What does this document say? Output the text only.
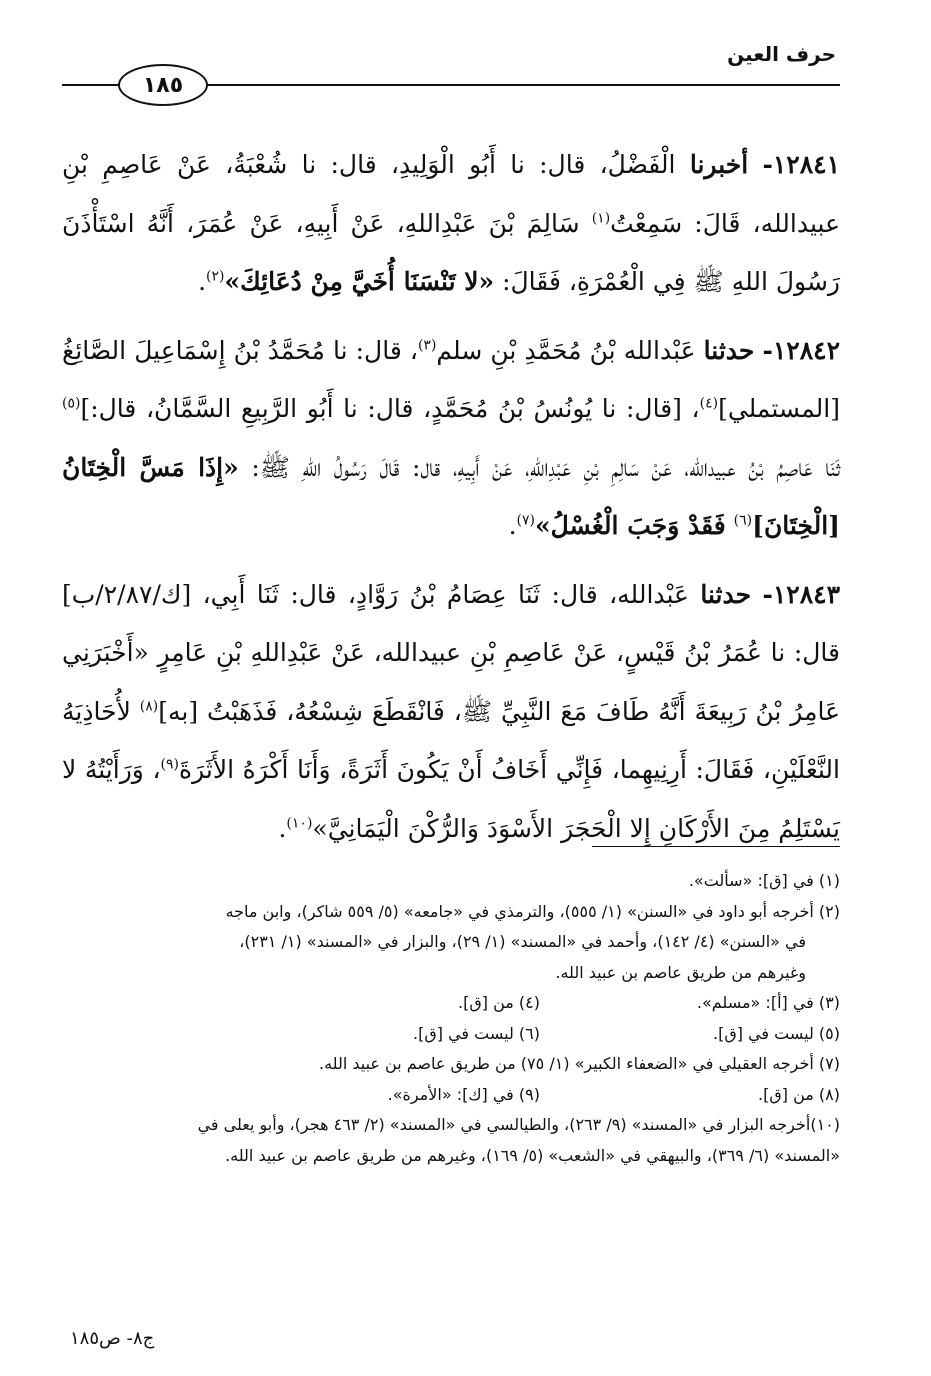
حرف العين
١٨٥

١٢٨٤١- أخبرنا الْفَضْلُ، قال: نا أَبُو الْوَلِيدِ، قال: نا شُعْبَةُ، عَنْ عَاصِمِ بْنِ عبيدالله، قَالَ: سَمِعْتُ$^{(١)}$ سَالِمَ بْنَ عَبْدِاللهِ، عَنْ أَبِيهِ، عَنْ عُمَرَ، أَنَّهُ اسْتَأْذَنَ رَسُولَ اللهِ ﷺ فِي الْعُمْرَةِ، فَقَالَ: «لا تَنْسَنَا أُخَيَّ مِنْ دُعَائِكَ»$^{(٢)}$.

١٢٨٤٢- حدثنا عَبْدالله بْنُ مُحَمَّدِ بْنِ سلم$^{(٣)}$، قال: نا مُحَمَّدُ بْنُ إِسْمَاعِيلَ الصَّائِغُ [المستملي]$^{(٤)}$، [قال: نا يُونُسُ بْنُ مُحَمَّدٍ، قال: نا أَبُو الرَّبِيعِ السَّمَّانُ، قال:]$^{(٥)}$ ثَنَا عَاصِمُ بْنُ عبيدالله، عَنْ سَالِمِ بْنِ عَبْدِاللهِ، عَنْ أَبِيهِ، قال: قَالَ رَسُولُ اللهِ ﷺ: «إِذَا مَسَّ الْخِتَانُ [الْخِتَانَ]$^{(٦)}$ فَقَدْ وَجَبَ الْغُسْلُ»$^{(٧)}$.

١٢٨٤٣- حدثنا عَبْدالله، قال: ثَنَا عِصَامُ بْنُ رَوَّادٍ، قال: ثَنَا أَبِي، [ك/٢/٨٧/ب] قال: نا عُمَرُ بْنُ قَيْسٍ، عَنْ عَاصِمِ بْنِ عبيدالله، عَنْ عَبْدِاللهِ بْنِ عَامِرٍ «أَخْبَرَنِي عَامِرُ بْنُ رَبِيعَةَ أَنَّهُ طَافَ مَعَ النَّبِيِّ ﷺ، فَانْقَطَعَ شِسْعُهُ، فَذَهَبْتُ [به]$^{(٨)}$ لأُحَاذِيَهُ النَّعْلَيْنِ، فَقَالَ: أَرِنِيهِما، فَإِنِّي أَخَافُ أَنْ يَكُونَ أَثَرَةً، وَأَنَا أَكْرَهُ الأَثَرَةَ$^{(٩)}$، وَرَأَيْتُهُ لا يَسْتَلِمُ مِنَ الأَرْكَانِ إِلا الْحَجَرَ الأَسْوَدَ وَالرُّكْنَ الْيَمَانِيَّ»$^{(١٠)}$.

(١) في [ق]: «سألت».
(٢) أخرجه أبو داود في «السنن» (١/ ٥٥٥)، والترمذي في «جامعه» (٥/ ٥٥٩ شاكر)، وابن ماجه
في «السنن» (٤/ ١٤٢)، وأحمد في «المسند» (١/ ٢٩)، والبزار في «المسند» (١/ ٢٣١)،
وغيرهم من طريق عاصم بن عبيد الله.
(٣) في [أ]: «مسلم».
(٤) من [ق].
(٥) ليست في [ق].
(٦) ليست في [ق].
(٧) أخرجه العقيلي في «الضعفاء الكبير» (١/ ٧٥) من طريق عاصم بن عبيد الله.
(٨) من [ق].
(٩) في [ك]: «الأمرة».
(١٠)أخرجه البزار في «المسند» (٩/ ٢٦٣)، والطيالسي في «المسند» (٢/ ٤٦٣ هجر)، وأبو يعلى في
«المسند» (٦/ ٣٦٩)، والبيهقي في «الشعب» (٥/ ١٦٩)، وغيرهم من طريق عاصم بن عبيد الله.
ج٨- ص١٨٥
